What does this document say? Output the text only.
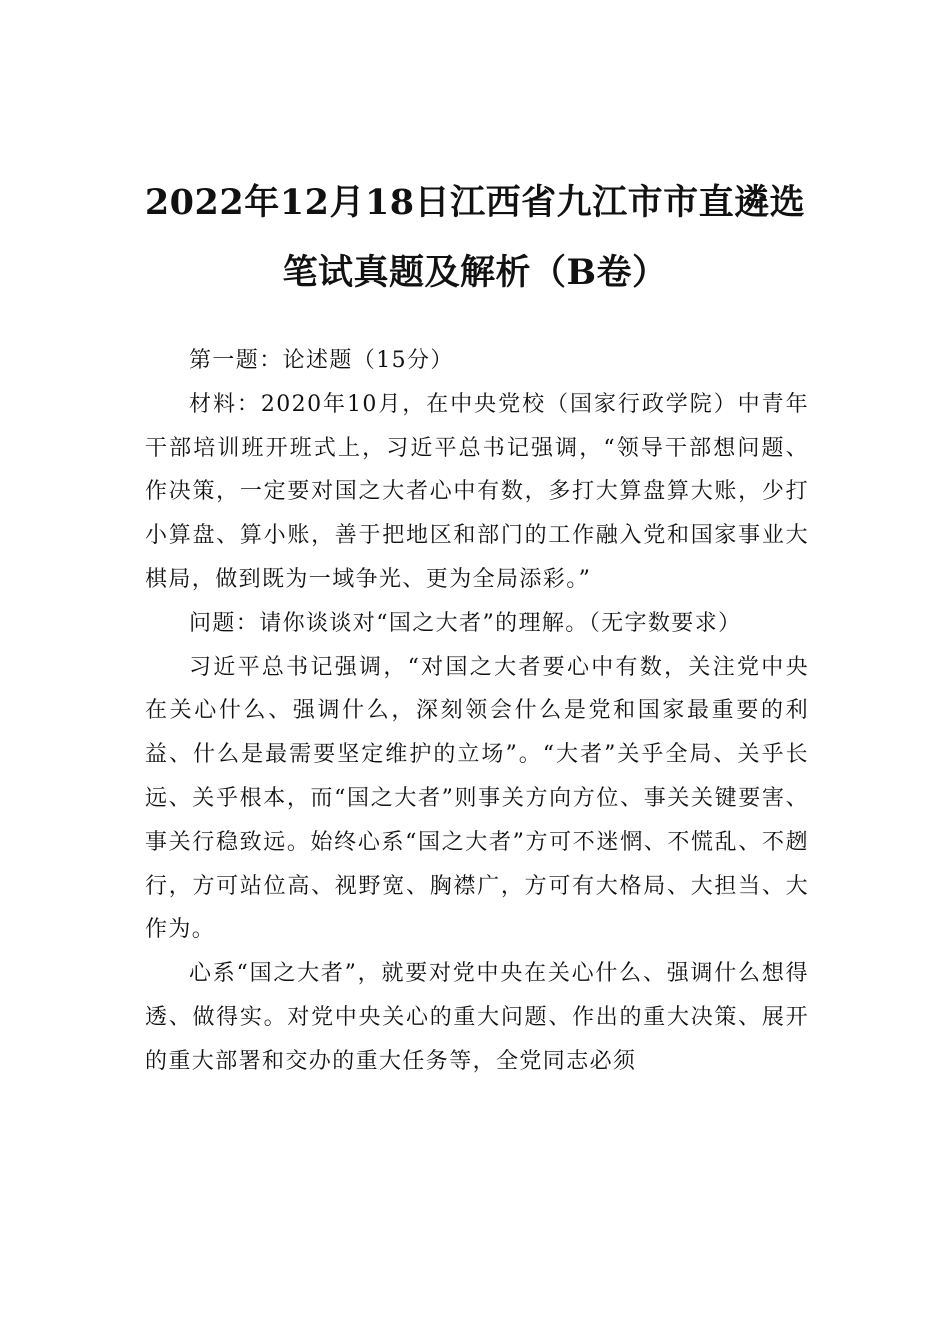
2022年12月18日江西省九江市市直遴选
笔试真题及解析（B卷）

第一题：论述题（15分）

材料：2020年10月，在中央党校（国家行政学院）中青年干部培训班开班式上，习近平总书记强调，“领导干部想问题、作决策，一定要对国之大者心中有数，多打大算盘算大账，少打小算盘、算小账，善于把地区和部门的工作融入党和国家事业大棋局，做到既为一域争光、更为全局添彩。”

问题：请你谈谈对“国之大者”的理解。（无字数要求）

习近平总书记强调，“对国之大者要心中有数，关注党中央在关心什么、强调什么，深刻领会什么是党和国家最重要的利益、什么是最需要坚定维护的立场”。“大者”关乎全局、关乎长远、关乎根本，而“国之大者”则事关方向方位、事关关键要害、事关行稳致远。始终心系“国之大者”方可不迷惘、不慌乱、不趔行，方可站位高、视野宽、胸襟广，方可有大格局、大担当、大作为。

心系“国之大者”，就要对党中央在关心什么、强调什么想得透、做得实。对党中央关心的重大问题、作出的重大决策、展开的重大部署和交办的重大任务等，全党同志必须
